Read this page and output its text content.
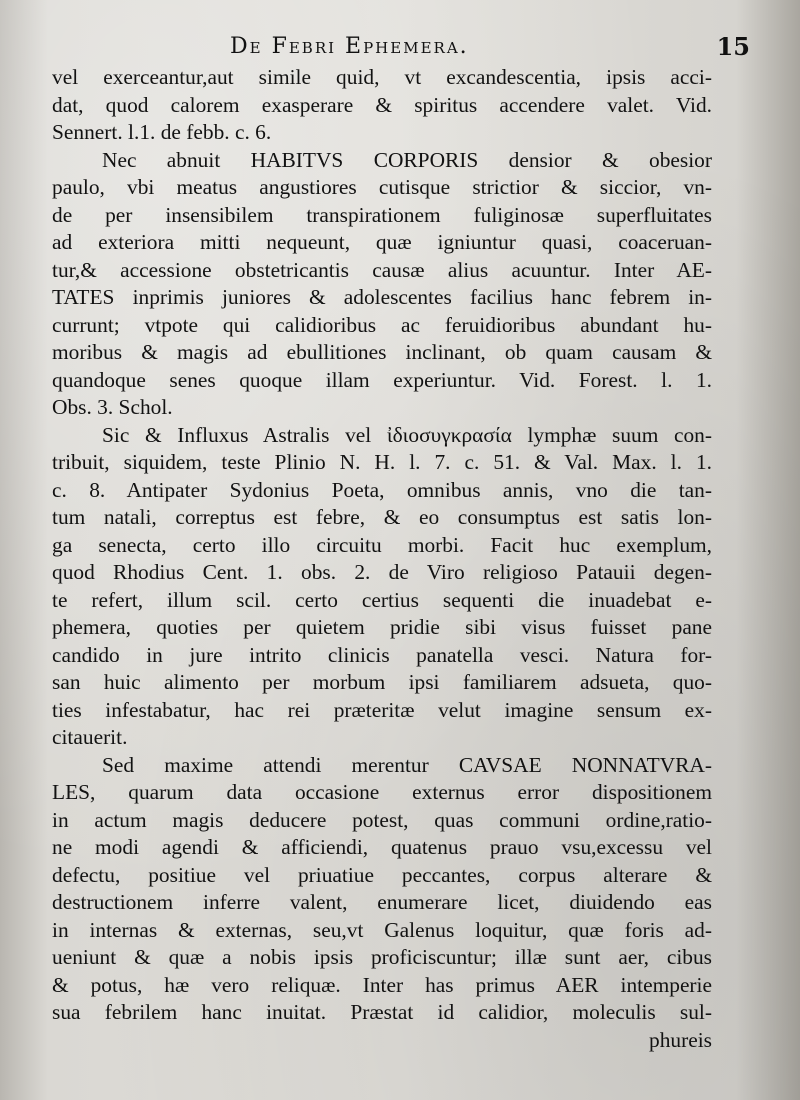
De Febri Ephemera.	15
vel exerceantur,aut simile quid, vt excandescentia, ipsis acci-
dat, quod calorem exasperare & spiritus accendere valet. Vid.
Sennert. l.1. de febb. c. 6.
Nec abnuit HABITVS CORPORIS densior & obesior
paulo, vbi meatus angustiores cutisque strictior & siccior, vn-
de per insensibilem transpirationem fuliginosæ superfluitates
ad exteriora mitti nequeunt, quæ igniuntur quasi, coaceruan-
tur,& accessione obstetricantis causæ alius acuuntur. Inter AE-
TATES inprimis juniores & adolescentes facilius hanc febrem in-
currunt; vtpote qui calidioribus ac feruidioribus abundant hu-
moribus & magis ad ebullitiones inclinant, ob quam causam &
quandoque senes quoque illam experiuntur. Vid. Forest. l. 1.
Obs. 3. Schol.
Sic & Influxus Astralis vel ἰδιοσυγκρασία lymphæ suum con-
tribuit, siquidem, teste Plinio N. H. l. 7. c. 51. & Val. Max. l. 1.
c. 8. Antipater Sydonius Poeta, omnibus annis, vno die tan-
tum natali, correptus est febre, & eo consumptus est satis lon-
ga senecta, certo illo circuitu morbi. Facit huc exemplum,
quod Rhodius Cent. 1. obs. 2. de Viro religioso Patauii degen-
te refert, illum scil. certo certius sequenti die inuadebat e-
phemera, quoties per quietem pridie sibi visus fuisset pane
candido in jure intrito clinicis panatella vesci. Natura for-
san huic alimento per morbum ipsi familiarem adsueta, quo-
ties infestabatur, hac rei præteritæ velut imagine sensum ex-
citauerit.
Sed maxime attendi merentur CAVSAE NONNATVRA-
LES, quarum data occasione externus error dispositionem
in actum magis deducere potest, quas communi ordine,ratio-
ne modi agendi & afficiendi, quatenus prauo vsu,excessu vel
defectu, positiue vel priuatiue peccantes, corpus alterare &
destructionem inferre valent, enumerare licet, diuidendo eas
in internas & externas, seu,vt Galenus loquitur, quæ foris ad-
ueniunt & quæ a nobis ipsis proficiscuntur; illæ sunt aer, cibus
& potus, hæ vero reliquæ. Inter has primus AER intemperie
sua febrilem hanc inuitat. Præstat id calidior, moleculis sul-
phureis
